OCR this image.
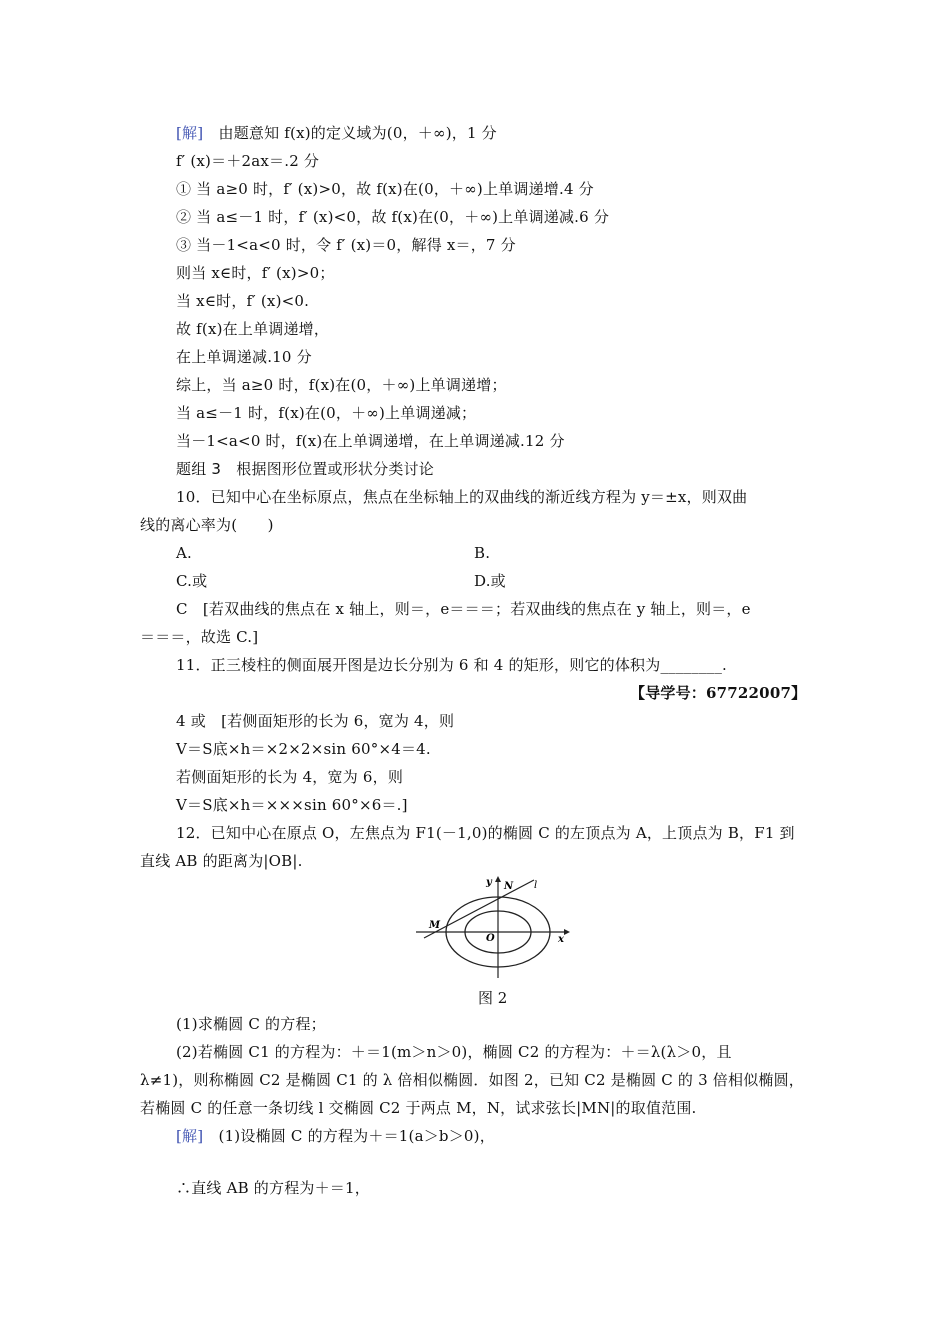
[解]　 由题意知 f(x)的定义域为(0，＋∞)，1 分
f′ (x)＝＋2ax＝.2 分
① 当 a≥0 时，f′ (x)>0，故 f(x)在(0，＋∞)上单调递增.4 分
② 当 a≤－1 时，f′ (x)<0，故 f(x)在(0，＋∞)上单调递减.6 分
③ 当－1<a<0 时，令 f′ (x)＝0，解得 x＝，7 分
则当 x∈时，f′ (x)>0；
当 x∈时，f′ (x)<0.
故 f(x)在上单调递增，
在上单调递减.10 分
综上，当 a≥0 时，f(x)在(0，＋∞)上单调递增；
当 a≤－1 时，f(x)在(0，＋∞)上单调递减；
当－1<a<0 时，f(x)在上单调递增，在上单调递减.12 分
题组 3　根据图形位置或形状分类讨论
10．已知中心在坐标原点，焦点在坐标轴上的双曲线的渐近线方程为 y＝±x，则双曲
线的离心率为(　　)
A.	B.
C.或	D.或
C　[若双曲线的焦点在 x 轴上，则＝，e＝＝＝；若双曲线的焦点在 y 轴上，则＝，e
＝＝＝，故选 C.]
11．正三棱柱的侧面展开图是边长分别为 6 和 4 的矩形，则它的体积为________.
【导学号：67722007】
4 或　[若侧面矩形的长为 6，宽为 4，则
V＝S底×h＝×2×2×sin 60°×4＝4.
若侧面矩形的长为 4，宽为 6，则
V＝S底×h＝×××sin 60°×6＝.]
12．已知中心在原点 O，左焦点为 F1(－1,0)的椭圆 C 的左顶点为 A，上顶点为 B，F1 到
直线 AB 的距离为|OB|.
y N l
M
O	x
图 2
(1)求椭圆 C 的方程；
(2)若椭圆 C1 的方程为：＋＝1(m＞n＞0)，椭圆 C2 的方程为：＋＝λ(λ＞0，且
λ≠1)，则称椭圆 C2 是椭圆 C1 的 λ 倍相似椭圆．如图 2，已知 C2 是椭圆 C 的 3 倍相似椭圆，
若椭圆 C 的任意一条切线 l 交椭圆 C2 于两点 M，N，试求弦长|MN|的取值范围.
[解]　 (1)设椭圆 C 的方程为＋＝1(a＞b＞0)，
∴直线 AB 的方程为＋＝1，
